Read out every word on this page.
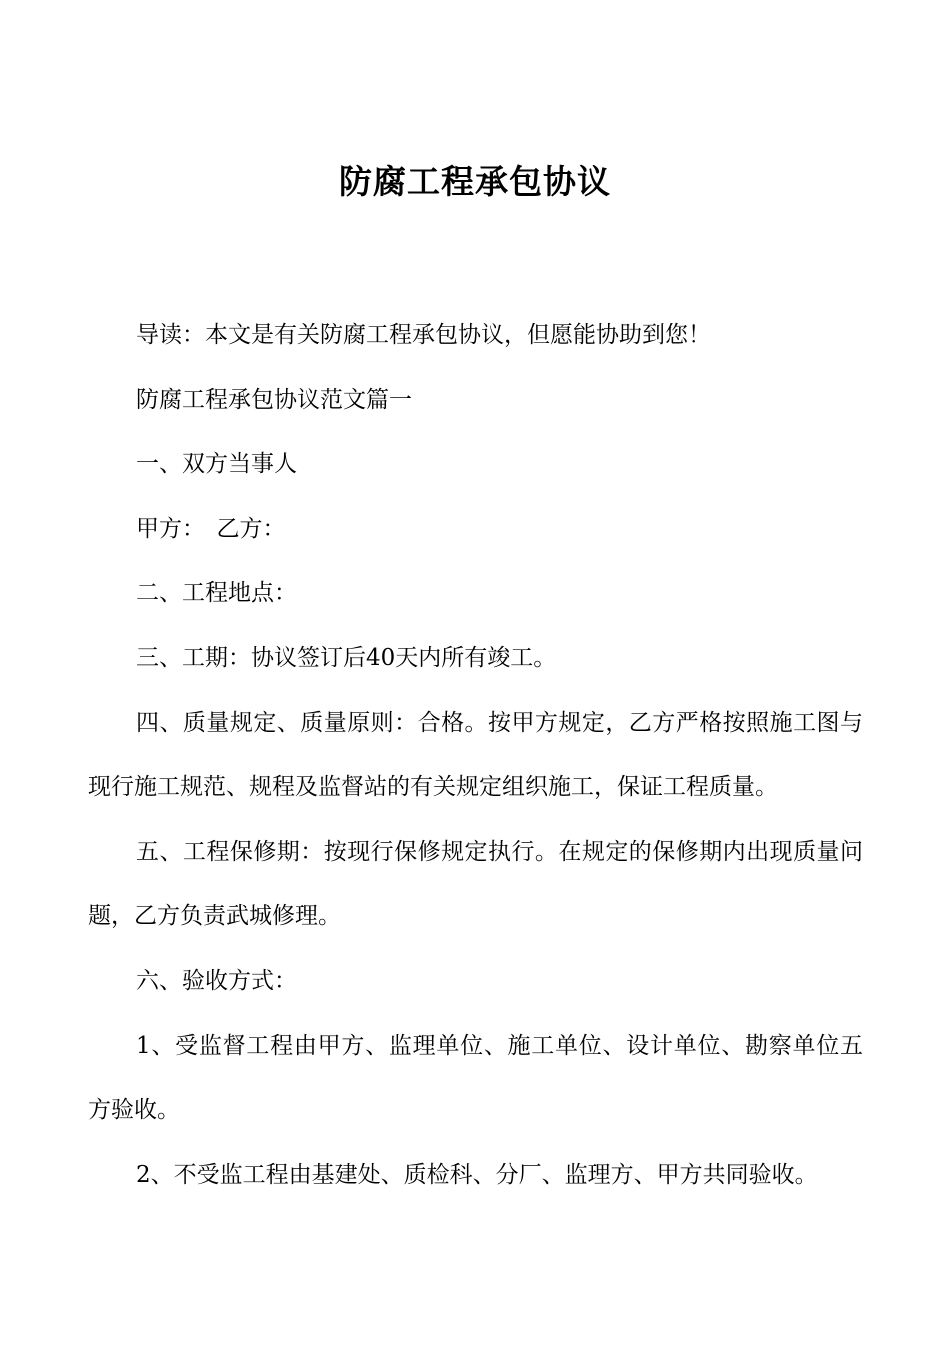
防腐工程承包协议

导读：本文是有关防腐工程承包协议，但愿能协助到您！

防腐工程承包协议范文篇一

一、双方当事人

甲方：　乙方：

二、工程地点：

三、工期：协议签订后40天内所有竣工。

四、质量规定、质量原则：合格。按甲方规定，乙方严格按照施工图与现行施工规范、规程及监督站的有关规定组织施工，保证工程质量。

五、工程保修期：按现行保修规定执行。在规定的保修期内出现质量问题，乙方负责武城修理。

六、验收方式：

1、受监督工程由甲方、监理单位、施工单位、设计单位、勘察单位五方验收。

2、不受监工程由基建处、质检科、分厂、监理方、甲方共同验收。
